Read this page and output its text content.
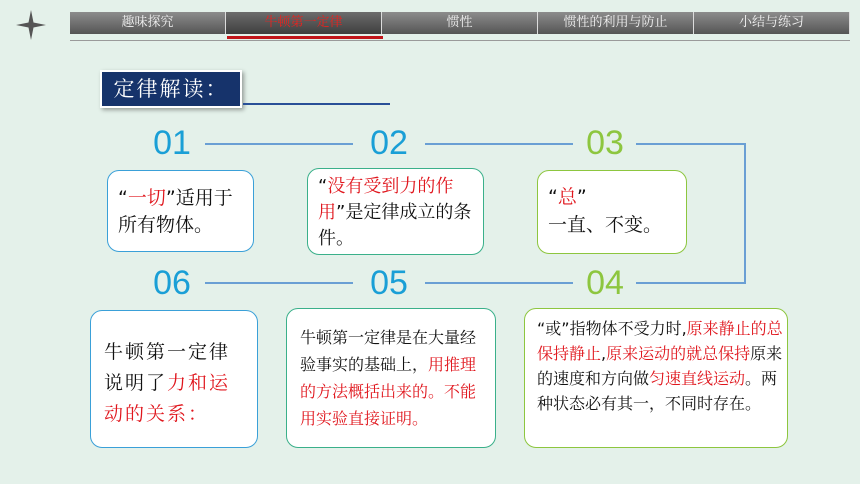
趣味探究	牛顿第一定律	惯性	惯性的利用与防止	小结与练习
定律解读：
01	02	03
06	05	04
“一切”适用于所有物体。
“没有受到力的作用”是定律成立的条件。
“总”
一直、不变。
牛顿第一定律说明了力和运动的关系：
牛顿第一定律是在大量经验事实的基础上，用推理的方法概括出来的。不能用实验直接证明。
“或”指物体不受力时,原来静止的总保持静止,原来运动的就总保持原来的速度和方向做匀速直线运动。两种状态必有其一，不同时存在。
